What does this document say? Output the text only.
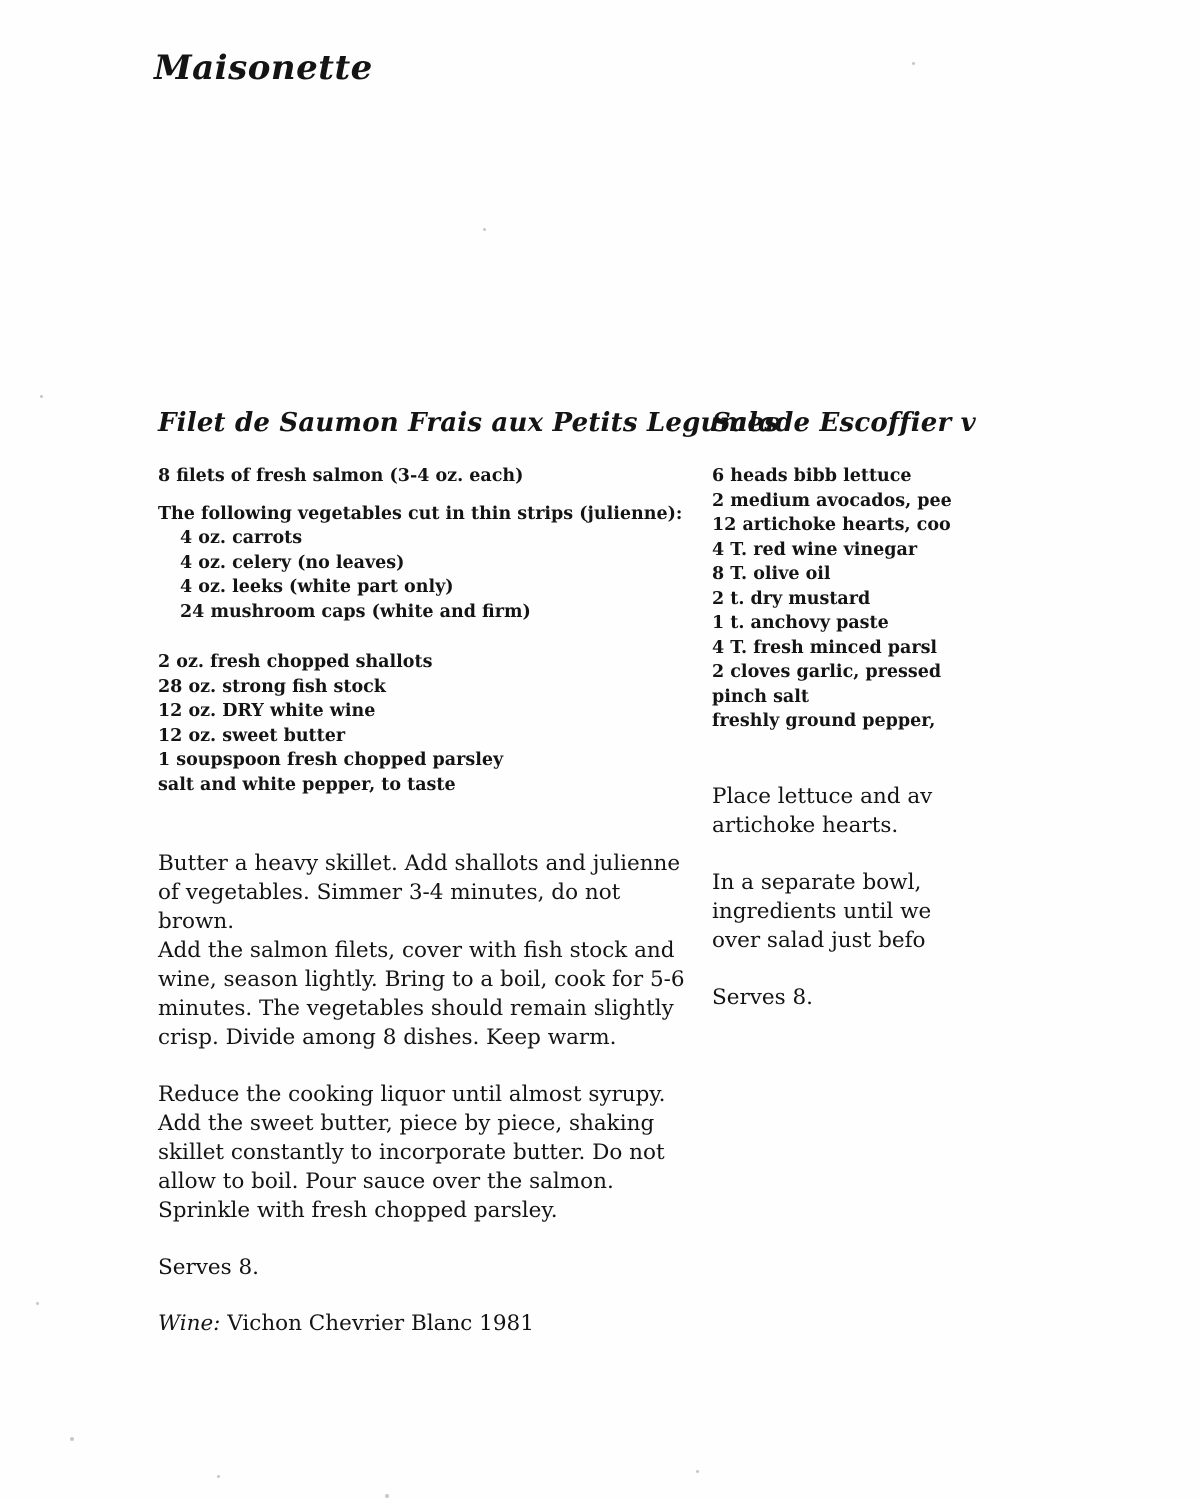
Maisonette
Filet de Saumon Frais aux Petits Legumes
8 filets of fresh salmon (3-4 oz. each)
The following vegetables cut in thin strips (julienne):
4 oz. carrots
4 oz. celery (no leaves)
4 oz. leeks (white part only)
24 mushroom caps (white and firm)
2 oz. fresh chopped shallots
28 oz. strong fish stock
12 oz. DRY white wine
12 oz. sweet butter
1 soupspoon fresh chopped parsley
salt and white pepper, to taste

Butter a heavy skillet. Add shallots and julienne
of vegetables. Simmer 3-4 minutes, do not brown.
Add the salmon filets, cover with fish stock and
wine, season lightly. Bring to a boil, cook for 5-6
minutes. The vegetables should remain slightly
crisp. Divide among 8 dishes. Keep warm.

Reduce the cooking liquor until almost syrupy.
Add the sweet butter, piece by piece, shaking
skillet constantly to incorporate butter. Do not
allow to boil. Pour sauce over the salmon.
Sprinkle with fresh chopped parsley.

Serves 8.
Wine: Vichon Chevrier Blanc 1981
Salade Escoffier v
6 heads bibb lettuce
2 medium avocados, pee
12 artichoke hearts, coo
4 T. red wine vinegar
8 T. olive oil
2 t. dry mustard
1 t. anchovy paste
4 T. fresh minced parsl
2 cloves garlic, pressed
pinch salt
freshly ground pepper,

Place lettuce and av
artichoke hearts.

In a separate bowl,
ingredients until we
over salad just befo

Serves 8.
